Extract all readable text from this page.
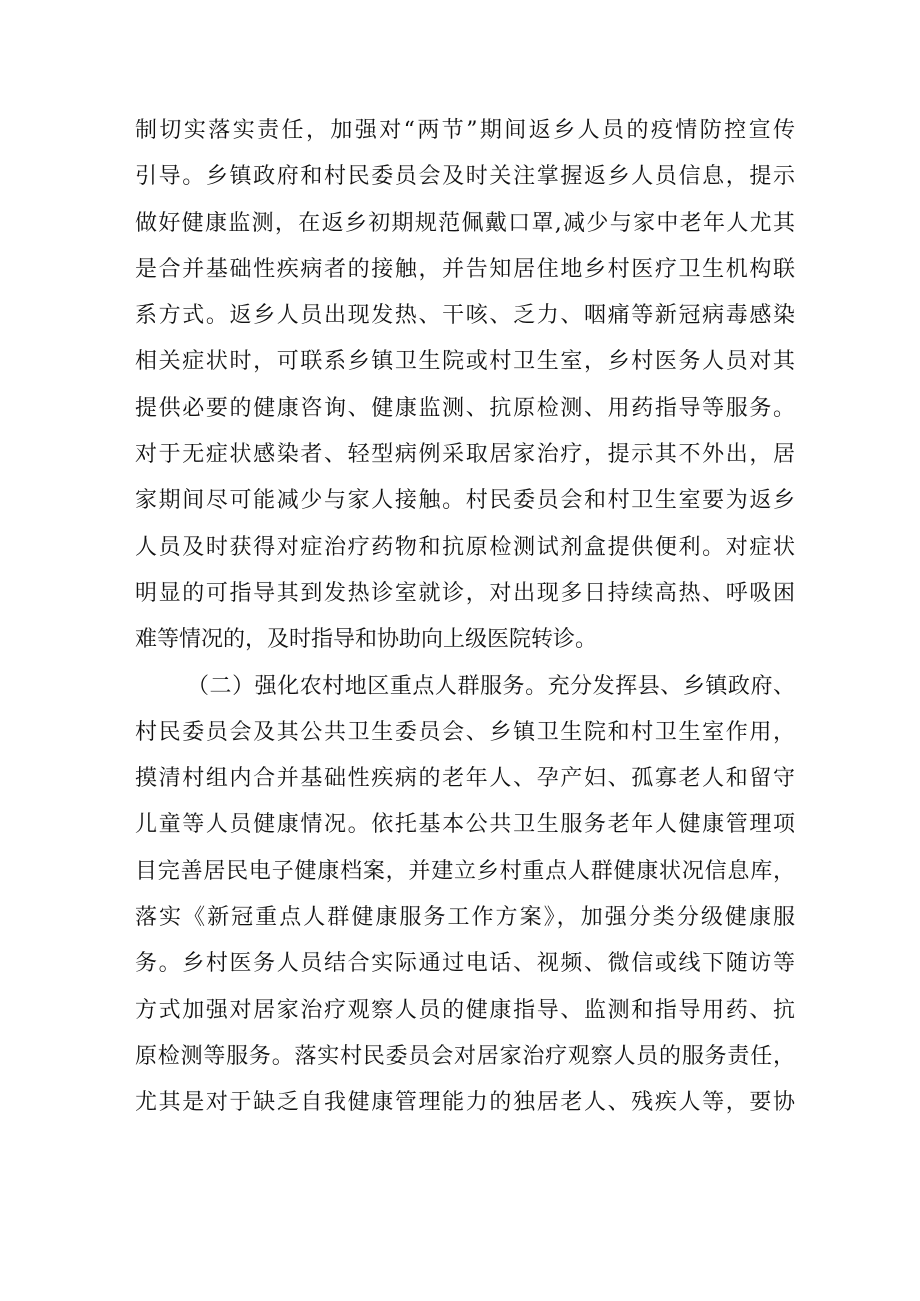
制切实落实责任，加强对“两节”期间返乡人员的疫情防控宣传
引导。乡镇政府和村民委员会及时关注掌握返乡人员信息，提示
做好健康监测，在返乡初期规范佩戴口罩,减少与家中老年人尤其
是合并基础性疾病者的接触，并告知居住地乡村医疗卫生机构联
系方式。返乡人员出现发热、干咳、乏力、咽痛等新冠病毒感染
相关症状时，可联系乡镇卫生院或村卫生室，乡村医务人员对其
提供必要的健康咨询、健康监测、抗原检测、用药指导等服务。
对于无症状感染者、轻型病例采取居家治疗，提示其不外出，居
家期间尽可能减少与家人接触。村民委员会和村卫生室要为返乡
人员及时获得对症治疗药物和抗原检测试剂盒提供便利。对症状
明显的可指导其到发热诊室就诊，对出现多日持续高热、呼吸困
难等情况的，及时指导和协助向上级医院转诊。
（二）强化农村地区重点人群服务。充分发挥县、乡镇政府、
村民委员会及其公共卫生委员会、乡镇卫生院和村卫生室作用，
摸清村组内合并基础性疾病的老年人、孕产妇、孤寡老人和留守
儿童等人员健康情况。依托基本公共卫生服务老年人健康管理项
目完善居民电子健康档案，并建立乡村重点人群健康状况信息库，
落实《新冠重点人群健康服务工作方案》，加强分类分级健康服
务。乡村医务人员结合实际通过电话、视频、微信或线下随访等
方式加强对居家治疗观察人员的健康指导、监测和指导用药、抗
原检测等服务。落实村民委员会对居家治疗观察人员的服务责任，
尤其是对于缺乏自我健康管理能力的独居老人、残疾人等，要协
